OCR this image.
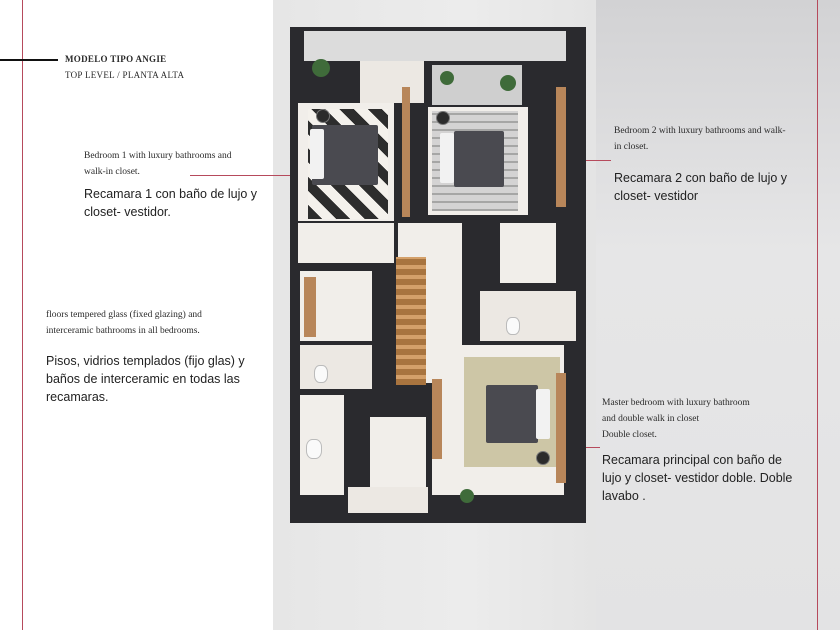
MODELO TIPO ANGIE
TOP LEVEL / PLANTA ALTA
Bedroom 1 with luxury bathrooms and walk-in closet.
Recamara 1 con baño de lujo y closet- vestidor.
floors tempered glass (fixed glazing) and interceramic bathrooms in all bedrooms.
Pisos, vidrios templados (fijo glas) y baños de interceramic en todas las recamaras.
Bedroom 2 with luxury bathrooms and walk-in closet.
Recamara 2 con baño de lujo y closet- vestidor
Master bedroom with luxury bathroom
and double walk in closet
Double closet.
Recamara principal con baño de lujo y closet- vestidor doble. Doble lavabo .
